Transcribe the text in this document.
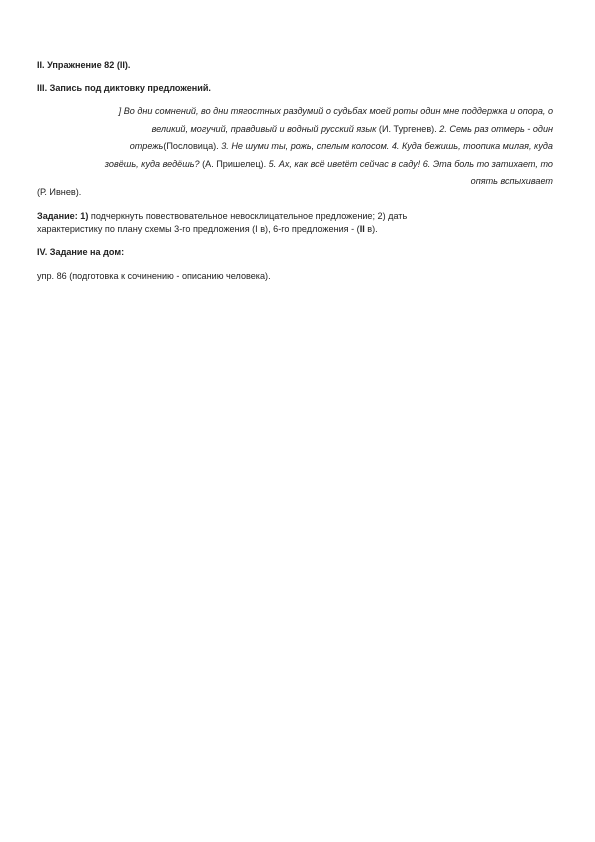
II. Упражнение 82 (II).
III. Запись под диктовку предложений.
] Во дни сомнений, во дни тягостных раздумий о судьбах моей роты один мне поддержка и опора, о
великий, могучий, правдивый и водный русский язык (И. Тургенев). 2. Семь раз отмерь - один
отрежь(Пословица). 3. Не шуми ты, рожь, спелым колосом. 4. Куда бежишь, тоопика милая, куда
зовёшь, куда ведёшь? (А. Пришелец). 5. Ах, как всё ивetёт сейчас в саду! 6. Эта боль то затихает, то
опять вспыхивает
(Р. Ивнев).
Задание: 1) подчеркнуть повествовательное невосклицательное предложение; 2) дать
характеристику по плану схемы 3-го предложения (I в), 6-го предложения - (II в).
IV. Задание на дом:
упр. 86 (подготовка к сочинению - описанию человека).
